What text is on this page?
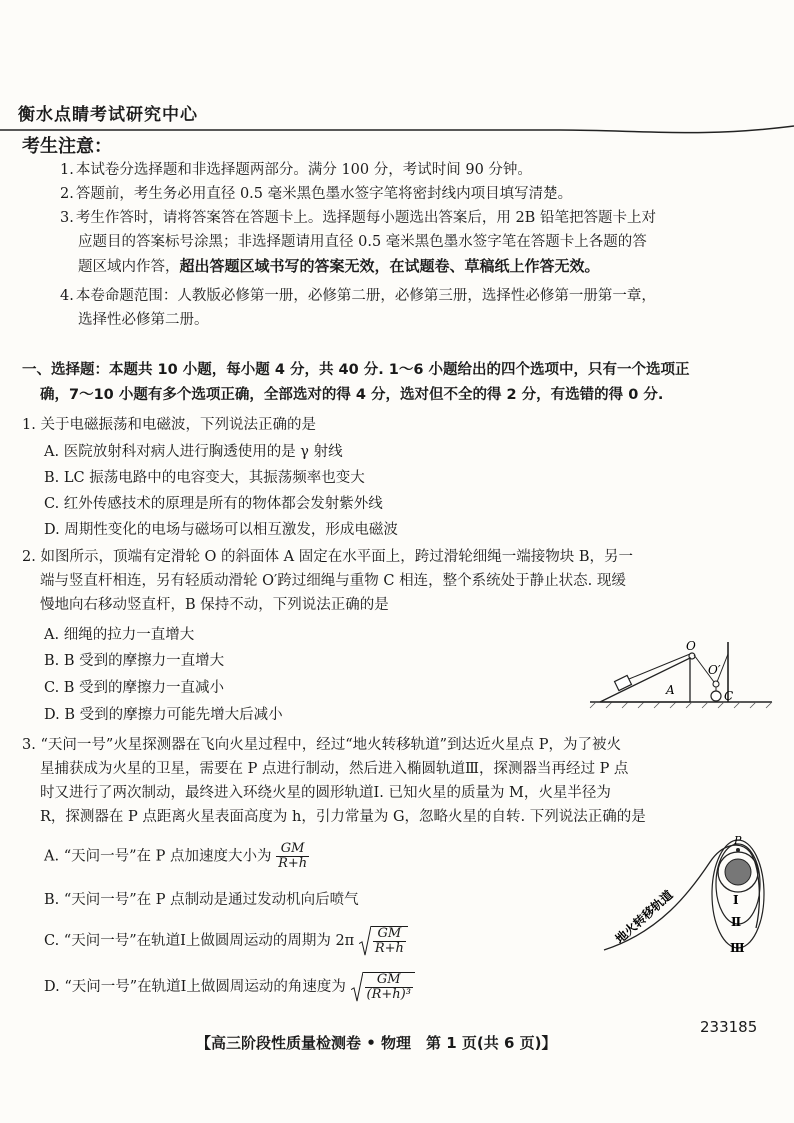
衡水点睛考试研究中心
考生注意：
1. 本试卷分选择题和非选择题两部分。满分 100 分，考试时间 90 分钟。
2. 答题前，考生务必用直径 0.5 毫米黑色墨水签字笔将密封线内项目填写清楚。
3. 考生作答时，请将答案答在答题卡上。选择题每小题选出答案后，用 2B 铅笔把答题卡上对
应题目的答案标号涂黑；非选择题请用直径 0.5 毫米黑色墨水签字笔在答题卡上各题的答
题区域内作答，超出答题区域书写的答案无效，在试题卷、草稿纸上作答无效。
4. 本卷命题范围：人教版必修第一册，必修第二册，必修第三册，选择性必修第一册第一章，
选择性必修第二册。
一、选择题：本题共 10 小题，每小题 4 分，共 40 分. 1～6 小题给出的四个选项中，只有一个选项正
确，7～10 小题有多个选项正确，全部选对的得 4 分，选对但不全的得 2 分，有选错的得 0 分.
1. 关于电磁振荡和电磁波，下列说法正确的是
A. 医院放射科对病人进行胸透使用的是 γ 射线
B. LC 振荡电路中的电容变大，其振荡频率也变大
C. 红外传感技术的原理是所有的物体都会发射紫外线
D. 周期性变化的电场与磁场可以相互激发，形成电磁波
2. 如图所示，顶端有定滑轮 O 的斜面体 A 固定在水平面上，跨过滑轮细绳一端接物块 B，另一
端与竖直杆相连，另有轻质动滑轮 O′跨过细绳与重物 C 相连，整个系统处于静止状态. 现缓
慢地向右移动竖直杆，B 保持不动，下列说法正确的是
A. 细绳的拉力一直增大
B. B 受到的摩擦力一直增大
C. B 受到的摩擦力一直减小
D. B 受到的摩擦力可能先增大后减小
O
O′
A	C
3. “天问一号”火星探测器在飞向火星过程中，经过“地火转移轨道”到达近火星点 P，为了被火
星捕获成为火星的卫星，需要在 P 点进行制动，然后进入椭圆轨道Ⅲ，探测器当再经过 P 点
时又进行了两次制动，最终进入环绕火星的圆形轨道Ⅰ. 已知火星的质量为 M，火星半径为
R，探测器在 P 点距离火星表面高度为 h，引力常量为 G，忽略火星的自转. 下列说法正确的是
A. “天问一号”在 P 点加速度大小为 $\frac{GM}{R+h}$
B. “天问一号”在 P 点制动是通过发动机向后喷气
C. “天问一号”在轨道Ⅰ上做圆周运动的周期为 $2\pi \frac{GM}{R+h}$
D. “天问一号”在轨道Ⅰ上做圆周运动的角速度为 $\frac{GM}{\text{(R+h)³}}$
P
Ⅰ
Ⅱ
Ⅲ
地火转移轨道
233185
【高三阶段性质量检测卷 • 物理　第 1 页(共 6 页)】
